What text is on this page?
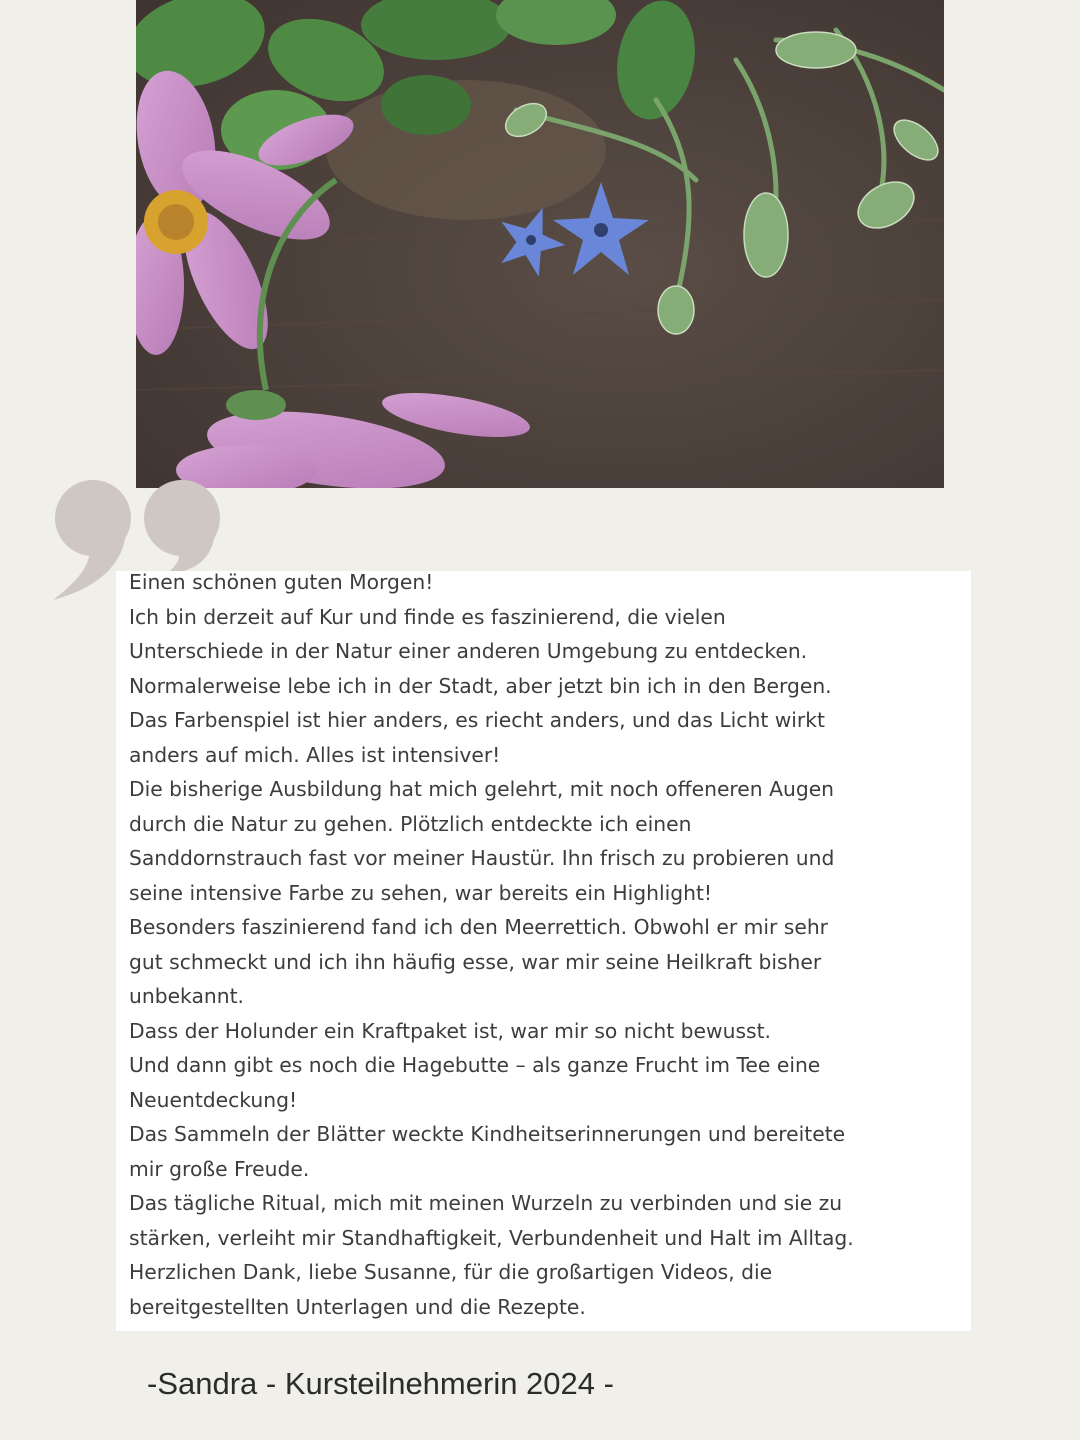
Einen schönen guten Morgen!
Ich bin derzeit auf Kur und finde es faszinierend, die vielen
Unterschiede in der Natur einer anderen Umgebung zu entdecken.
Normalerweise lebe ich in der Stadt, aber jetzt bin ich in den Bergen.
Das Farbenspiel ist hier anders, es riecht anders, und das Licht wirkt
anders auf mich. Alles ist intensiver!
Die bisherige Ausbildung hat mich gelehrt, mit noch offeneren Augen
durch die Natur zu gehen. Plötzlich entdeckte ich einen
Sanddornstrauch fast vor meiner Haustür. Ihn frisch zu probieren und
seine intensive Farbe zu sehen, war bereits ein Highlight!
Besonders faszinierend fand ich den Meerrettich. Obwohl er mir sehr
gut schmeckt und ich ihn häufig esse, war mir seine Heilkraft bisher
unbekannt.
Dass der Holunder ein Kraftpaket ist, war mir so nicht bewusst.
Und dann gibt es noch die Hagebutte – als ganze Frucht im Tee eine
Neuentdeckung!
Das Sammeln der Blätter weckte Kindheitserinnerungen und bereitete
mir große Freude.
Das tägliche Ritual, mich mit meinen Wurzeln zu verbinden und sie zu
stärken, verleiht mir Standhaftigkeit, Verbundenheit und Halt im Alltag.
Herzlichen Dank, liebe Susanne, für die großartigen Videos, die
bereitgestellten Unterlagen und die Rezepte.

-Sandra - Kursteilnehmerin 2024 -
